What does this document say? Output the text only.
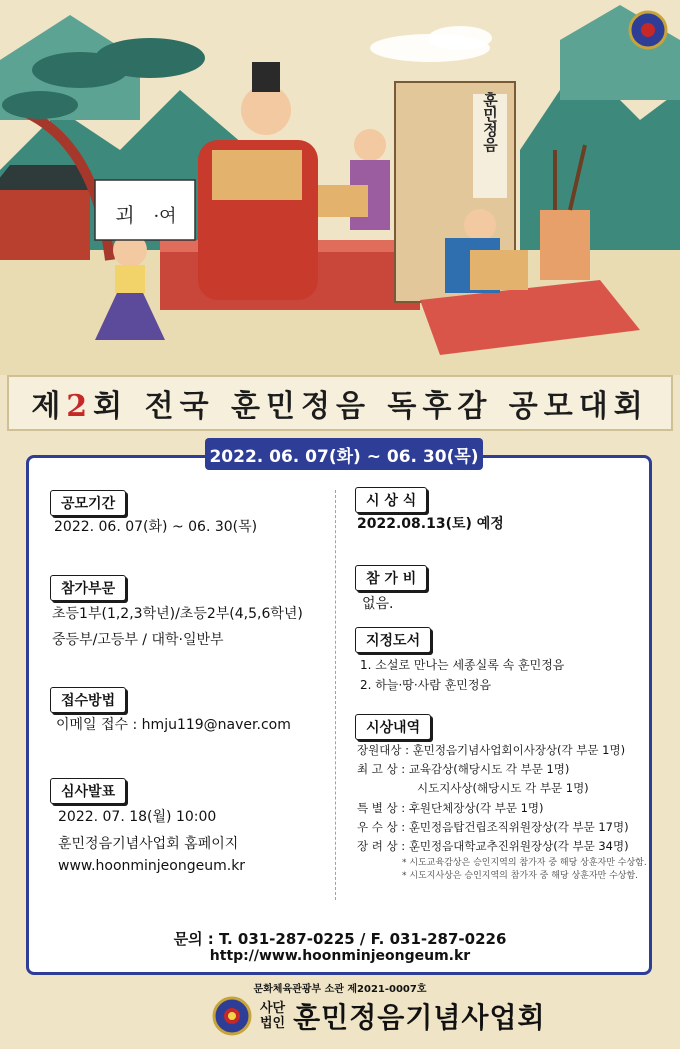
훈민정음
괴 ·여
제2회 전국 훈민정음 독후감 공모대회
2022. 06. 07(화) ~ 06. 30(목)
공모기간
2022. 06. 07(화) ~ 06. 30(목)
참가부문
초등1부(1,2,3학년)/초등2부(4,5,6학년)
중등부/고등부 / 대학·일반부
접수방법
이메일 접수 : hmju119@naver.com
심사발표
2022. 07. 18(월) 10:00
훈민정음기념사업회 홈페이지
www.hoonminjeongeum.kr
시 상 식
2022.08.13(토) 예정
참 가 비
없음.
지정도서
1. 소설로 만나는 세종실록 속 훈민정음
2. 하늘·땅·사람 훈민정음
시상내역
장원대상 : 훈민정음기념사업회이사장상(각 부문 1명)
최 고 상 : 교육감상(해당시도 각 부문 1명)
시도지사상(해당시도 각 부문 1명)
특 별 상 : 후원단체장상(각 부문 1명)
우 수 상 : 훈민정음탑건립조직위원장상(각 부문 17명)
장 려 상 : 훈민정음대학교추진위원장상(각 부문 34명)
* 시도교육감상은 승인지역의 참가자 중 해당 상훈자만 수상함.
* 시도지사상은 승인지역의 참가자 중 해당 상훈자만 수상함.
문의 : T. 031-287-0225 / F. 031-287-0226
http://www.hoonminjeongeum.kr
문화체육관광부 소관 제2021-0007호
사단
법인 훈민정음기념사업회
